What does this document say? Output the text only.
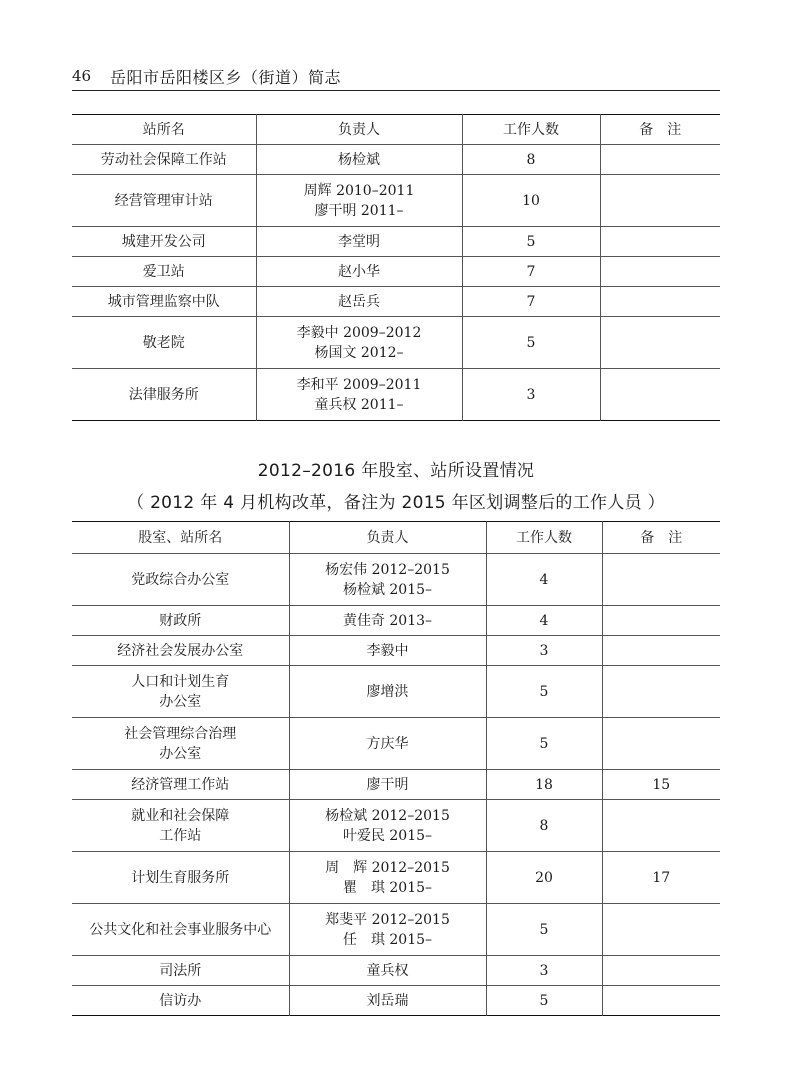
46 岳阳市岳阳楼区乡（街道）简志
站所名	负责人	工作人数	备　注

劳动社会保障工作站	杨检斌	8	

经营管理审计站	周辉 2010–2011
廖干明 2011–	10	

城建开发公司	李堂明	5	

爱卫站	赵小华	7	

城市管理监察中队	赵岳兵	7	

敬老院	李毅中 2009–2012
杨国文 2012–	5	

法律服务所	李和平 2009–2011
童兵权 2011–	3	
2012–2016 年股室、站所设置情况
（ 2012 年 4 月机构改革，备注为 2015 年区划调整后的工作人员 ）
股室、站所名	负责人	工作人数	备　注

党政综合办公室	杨宏伟 2012–2015
杨检斌 2015–	4	

财政所	黄佳奇 2013–	4	

经济社会发展办公室	李毅中	3	

人口和计划生育
办公室	廖增洪	5	

社会管理综合治理
办公室	方庆华	5	

经济管理工作站	廖干明	18	15

就业和社会保障
工作站	杨检斌 2012–2015
叶爱民 2015–	8	

计划生育服务所	周　辉 2012–2015
瞿　琪 2015–	20	17

公共文化和社会事业服务中心	郑斐平 2012–2015
任　琪 2015–	5	

司法所	童兵权	3	

信访办	刘岳瑞	5	
